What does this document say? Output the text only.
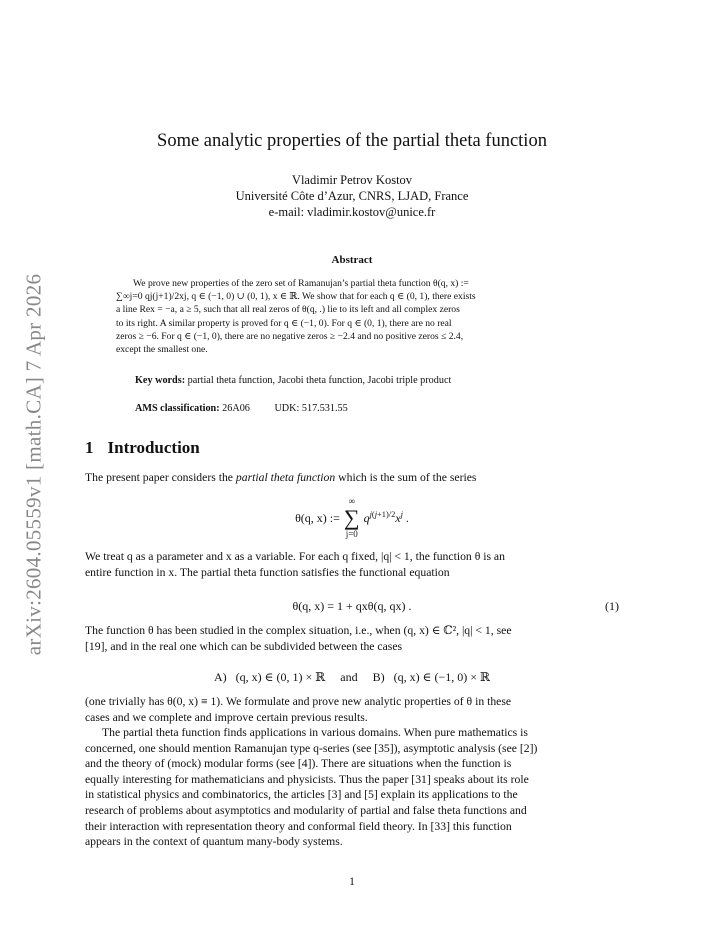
arXiv:2604.05559v1 [math.CA] 7 Apr 2026
Some analytic properties of the partial theta function
Vladimir Petrov Kostov
Université Côte d’Azur, CNRS, LJAD, France
e-mail: vladimir.kostov@unice.fr
Abstract
We prove new properties of the zero set of Ramanujan’s partial theta function θ(q, x) :=
∑∞j=0 qj(j+1)/2xj, q ∈ (−1, 0) ∪ (0, 1), x ∈ ℝ. We show that for each q ∈ (0, 1), there exists
a line Rex = −a, a ≥ 5, such that all real zeros of θ(q, .) lie to its left and all complex zeros
to its right. A similar property is proved for q ∈ (−1, 0). For q ∈ (0, 1), there are no real
zeros ≥ −6. For q ∈ (−1, 0), there are no negative zeros ≥ −2.4 and no positive zeros ≤ 2.4,
except the smallest one.
Key words: partial theta function, Jacobi theta function, Jacobi triple product
AMS classification: 26A06 UDK: 517.531.55
1 Introduction
The present paper considers the partial theta function which is the sum of the series
θ(q, x) :=
∞
∑
j=0
$q^{j(j+1)/2}x^j$ .
We treat q as a parameter and x as a variable. For each q fixed, |q| < 1, the function θ is an
entire function in x. The partial theta function satisfies the functional equation
θ(q, x) = 1 + qxθ(q, qx) .	(1)
The function θ has been studied in the complex situation, i.e., when (q, x) ∈ ℂ², |q| < 1, see
[19], and in the real one which can be subdivided between the cases
A)   (q, x) ∈ (0, 1) × ℝ     and     B)   (q, x) ∈ (−1, 0) × ℝ
(one trivially has θ(0, x) ≡ 1). We formulate and prove new analytic properties of θ in these
cases and we complete and improve certain previous results.
The partial theta function finds applications in various domains. When pure mathematics is
concerned, one should mention Ramanujan type q-series (see [35]), asymptotic analysis (see [2])
and the theory of (mock) modular forms (see [4]). There are situations when the function is
equally interesting for mathematicians and physicists. Thus the paper [31] speaks about its role
in statistical physics and combinatorics, the articles [3] and [5] explain its applications to the
research of problems about asymptotics and modularity of partial and false theta functions and
their interaction with representation theory and conformal field theory. In [33] this function
appears in the context of quantum many-body systems.
1
